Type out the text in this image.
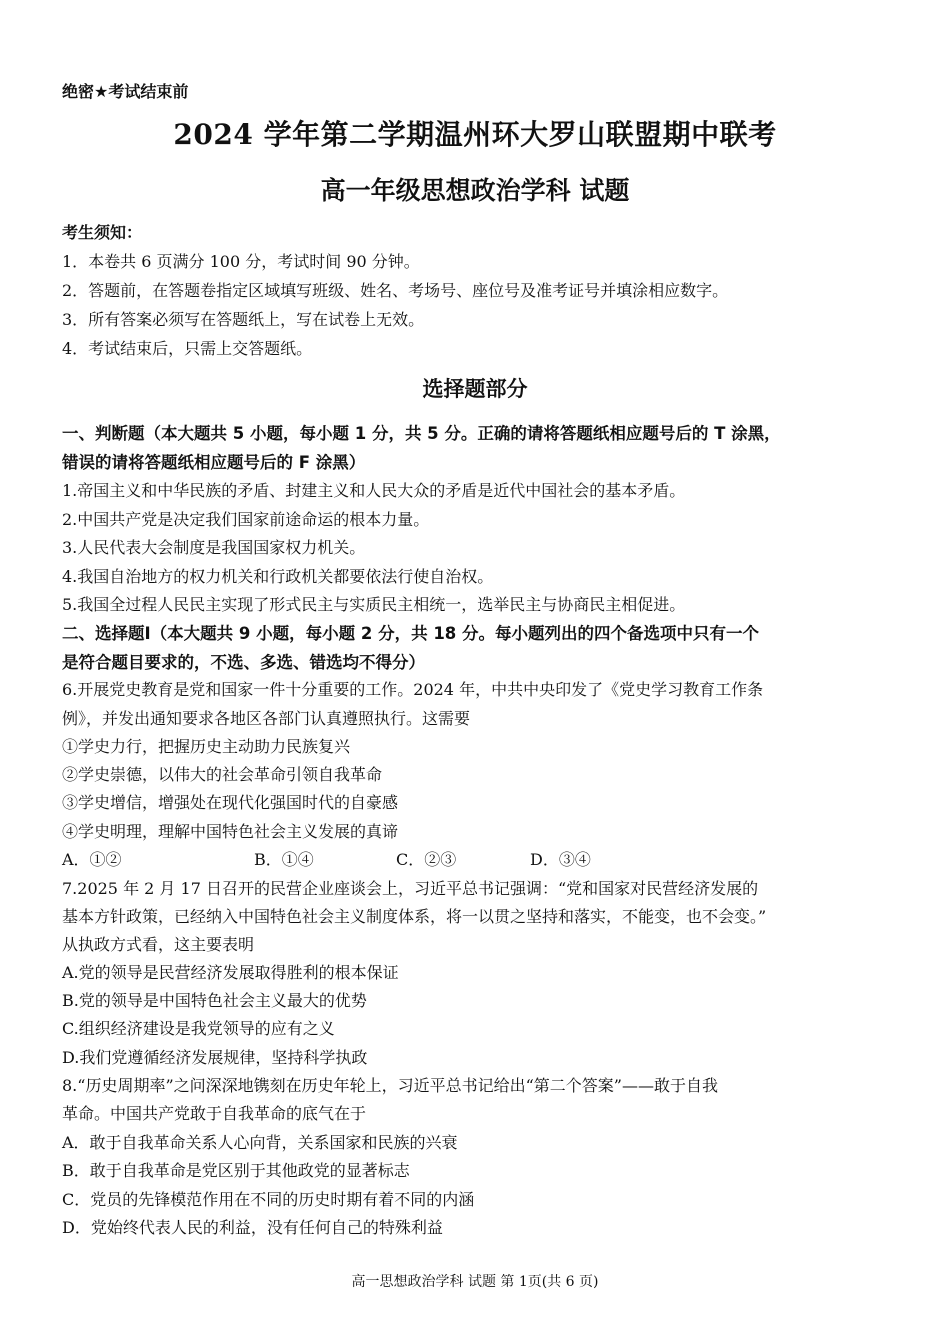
绝密★考试结束前
2024 学年第二学期温州环大罗山联盟期中联考
高一年级思想政治学科 试题
考生须知：
1．本卷共 6 页满分 100 分，考试时间 90 分钟。
2．答题前，在答题卷指定区域填写班级、姓名、考场号、座位号及准考证号并填涂相应数字。
3．所有答案必须写在答题纸上，写在试卷上无效。
4．考试结束后，只需上交答题纸。
选择题部分
一、判断题（本大题共 5 小题，每小题 1 分，共 5 分。正确的请将答题纸相应题号后的 T 涂黑，
错误的请将答题纸相应题号后的 F 涂黑）
1.帝国主义和中华民族的矛盾、封建主义和人民大众的矛盾是近代中国社会的基本矛盾。
2.中国共产党是决定我们国家前途命运的根本力量。
3.人民代表大会制度是我国国家权力机关。
4.我国自治地方的权力机关和行政机关都要依法行使自治权。
5.我国全过程人民民主实现了形式民主与实质民主相统一，选举民主与协商民主相促进。
二、选择题Ⅰ（本大题共 9 小题，每小题 2 分，共 18 分。每小题列出的四个备选项中只有一个
是符合题目要求的，不选、多选、错选均不得分）
6.开展党史教育是党和国家一件十分重要的工作。2024 年，中共中央印发了《党史学习教育工作条
例》，并发出通知要求各地区各部门认真遵照执行。这需要
①学史力行，把握历史主动助力民族复兴
②学史崇德，以伟大的社会革命引领自我革命
③学史增信，增强处在现代化强国时代的自豪感
④学史明理，理解中国特色社会主义发展的真谛
A．①②	B．①④	C．②③	D．③④
7.2025 年 2 月 17 日召开的民营企业座谈会上，习近平总书记强调：“党和国家对民营经济发展的
基本方针政策，已经纳入中国特色社会主义制度体系，将一以贯之坚持和落实，不能变，也不会变。”
从执政方式看，这主要表明
A.党的领导是民营经济发展取得胜利的根本保证
B.党的领导是中国特色社会主义最大的优势
C.组织经济建设是我党领导的应有之义
D.我们党遵循经济发展规律，坚持科学执政
8.“历史周期率”之问深深地镌刻在历史年轮上，习近平总书记给出“第二个答案”——敢于自我
革命。中国共产党敢于自我革命的底气在于
A．敢于自我革命关系人心向背，关系国家和民族的兴衰
B．敢于自我革命是党区别于其他政党的显著标志
C．党员的先锋模范作用在不同的历史时期有着不同的内涵
D．党始终代表人民的利益，没有任何自己的特殊利益
高一思想政治学科 试题 第 1页(共 6 页)
